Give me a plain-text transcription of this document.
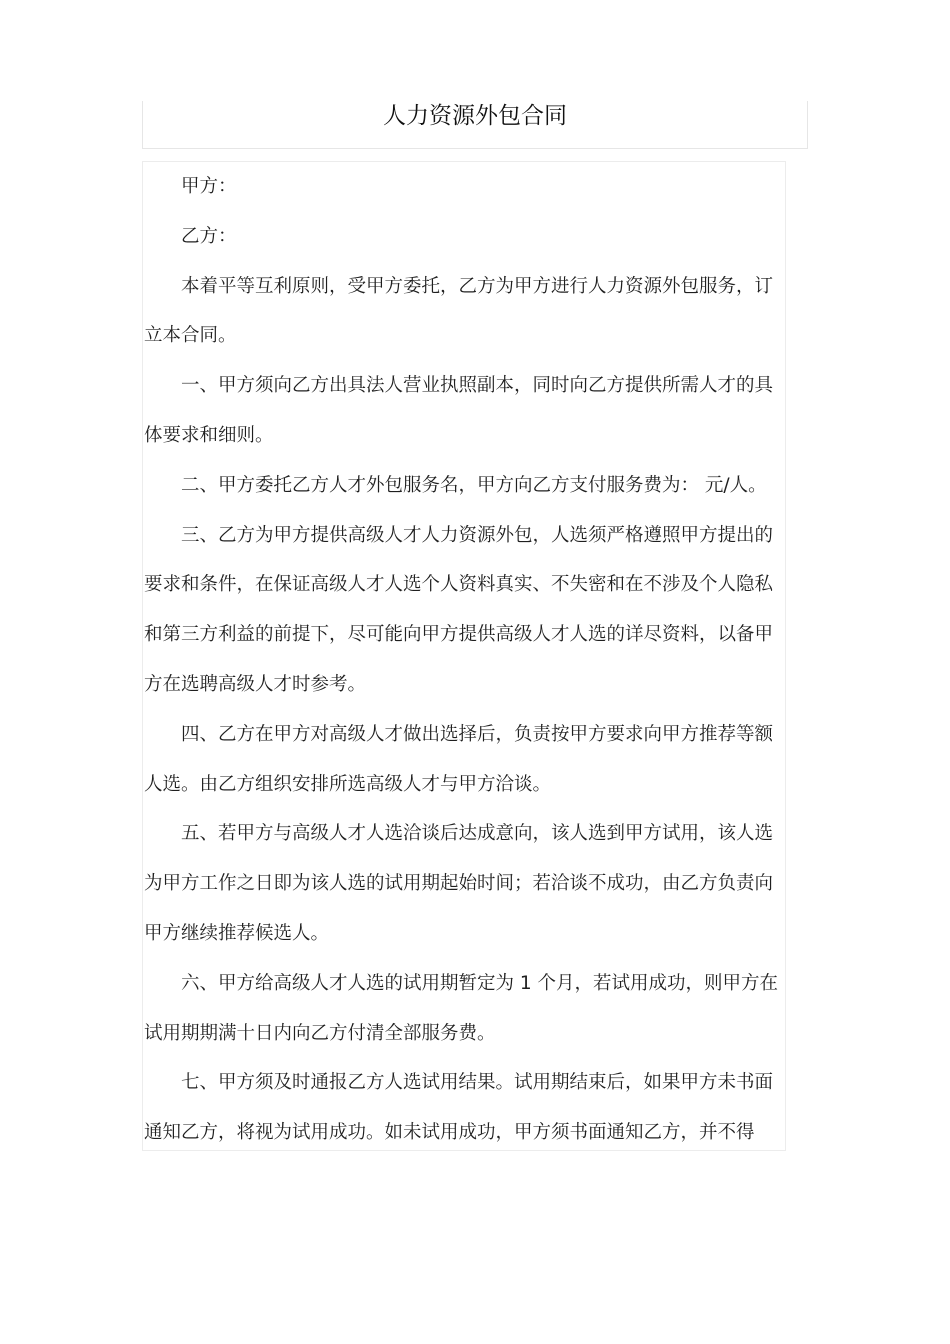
人力资源外包合同

甲方：

乙方：

本着平等互利原则，受甲方委托，乙方为甲方进行人力资源外包服务，订立本合同。

一、甲方须向乙方出具法人营业执照副本，同时向乙方提供所需人才的具体要求和细则。

二、甲方委托乙方人才外包服务名，甲方向乙方支付服务费为： 元/人。

三、乙方为甲方提供高级人才人力资源外包，人选须严格遵照甲方提出的要求和条件，在保证高级人才人选个人资料真实、不失密和在不涉及个人隐私和第三方利益的前提下，尽可能向甲方提供高级人才人选的详尽资料，以备甲方在选聘高级人才时参考。

四、乙方在甲方对高级人才做出选择后，负责按甲方要求向甲方推荐等额人选。由乙方组织安排所选高级人才与甲方洽谈。

五、若甲方与高级人才人选洽谈后达成意向，该人选到甲方试用，该人选为甲方工作之日即为该人选的试用期起始时间；若洽谈不成功，由乙方负责向甲方继续推荐候选人。

六、甲方给高级人才人选的试用期暂定为 1 个月，若试用成功，则甲方在试用期期满十日内向乙方付清全部服务费。

七、甲方须及时通报乙方人选试用结果。试用期结束后，如果甲方未书面通知乙方，将视为试用成功。如未试用成功，甲方须书面通知乙方，并不得
